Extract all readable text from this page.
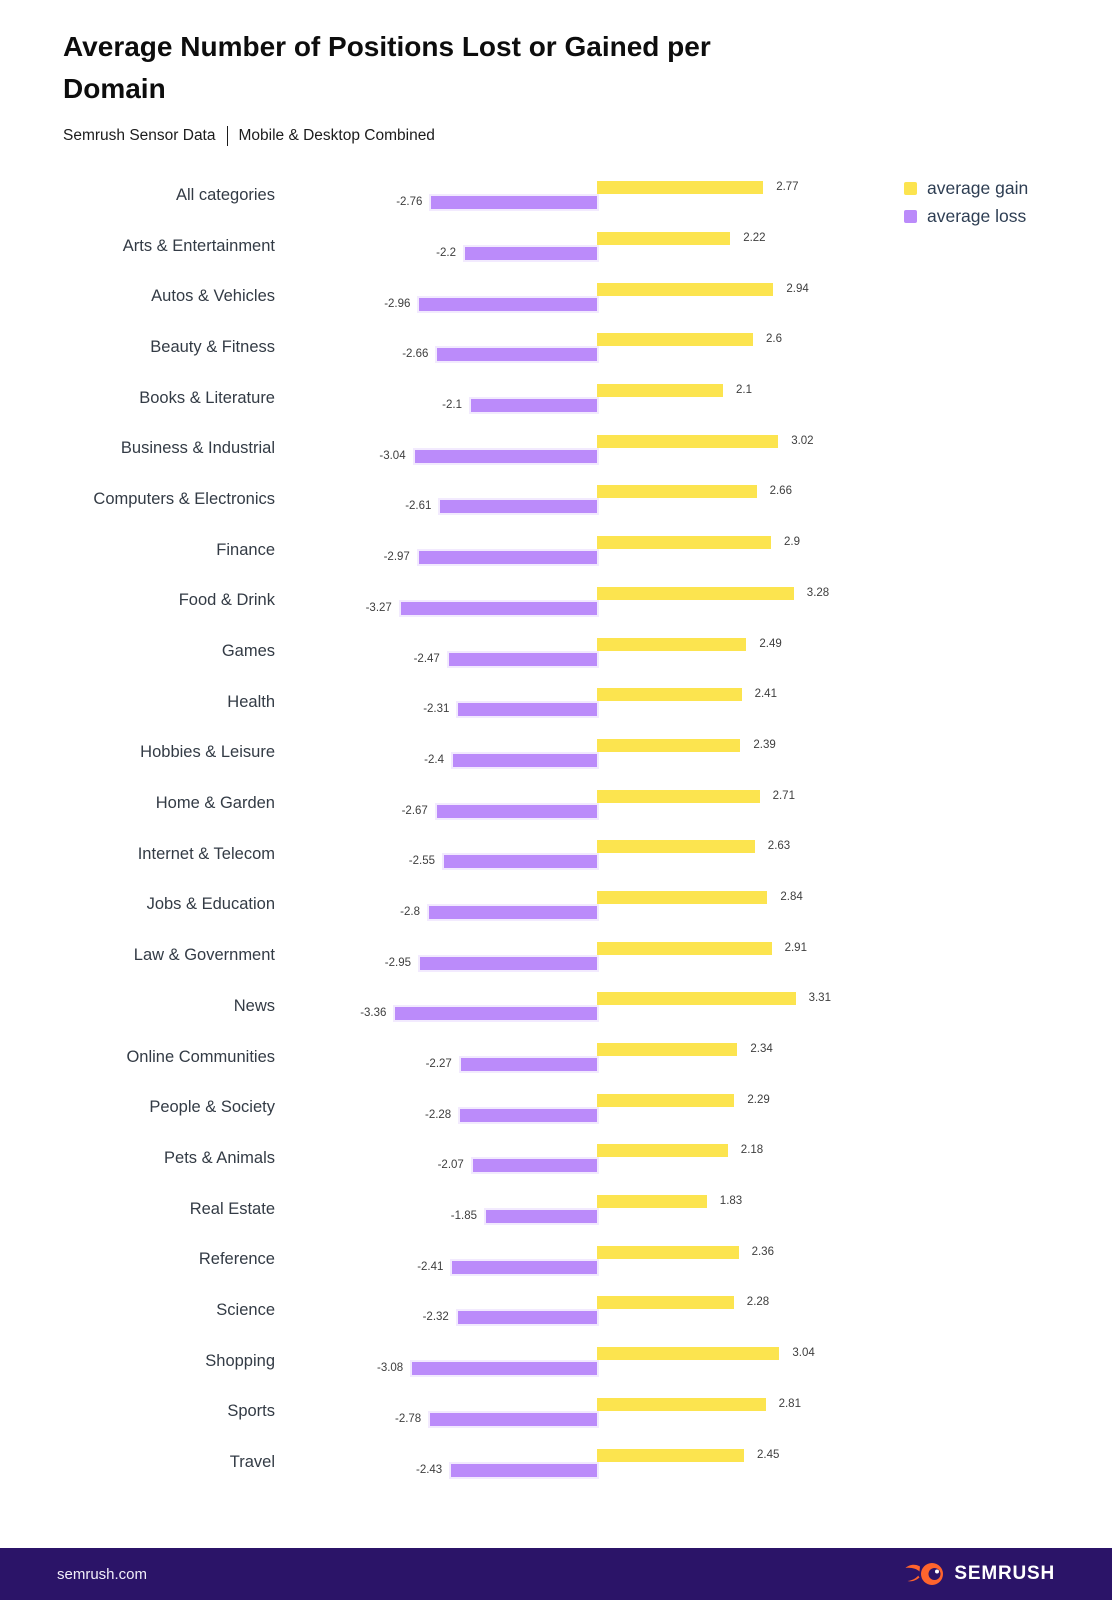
Average Number of Positions Lost or Gained per Domain
Semrush Sensor Data Mobile & Desktop Combined
average gain
average loss
All categories	2.77
-2.76
Arts & Entertainment	2.22
-2.2
Autos & Vehicles	2.94
-2.96
Beauty & Fitness	2.6
-2.66
Books & Literature	2.1
-2.1
Business & Industrial	3.02
-3.04
Computers & Electronics	2.66
-2.61
Finance	2.9
-2.97
Food & Drink	3.28
-3.27
Games	2.49
-2.47
Health	2.41
-2.31
Hobbies & Leisure	2.39
-2.4
Home & Garden	2.71
-2.67
Internet & Telecom	2.63
-2.55
Jobs & Education	2.84
-2.8
Law & Government	2.91
-2.95
News	3.31
-3.36
Online Communities	2.34
-2.27
People & Society	2.29
-2.28
Pets & Animals	2.18
-2.07
Real Estate	1.83
-1.85
Reference	2.36
-2.41
Science	2.28
-2.32
Shopping	3.04
-3.08
Sports	2.81
-2.78
Travel	2.45
-2.43
semrush.com	SEMRUSH
